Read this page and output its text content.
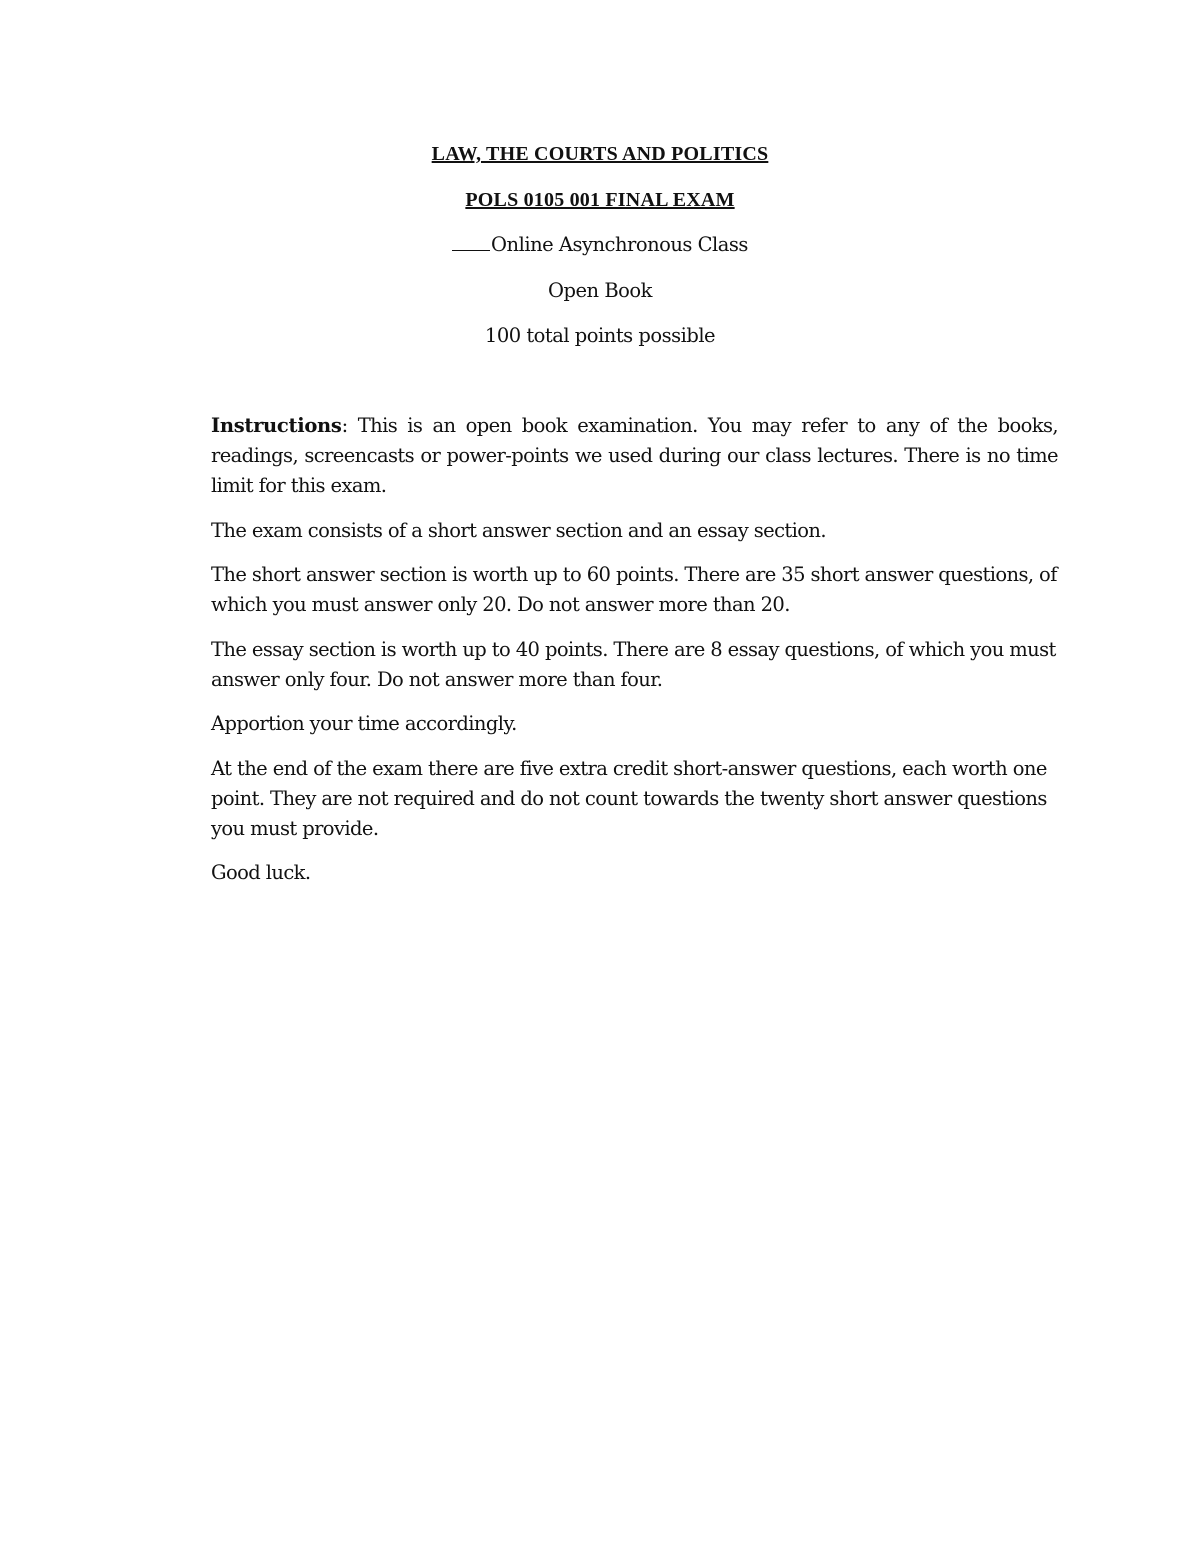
LAW, THE COURTS AND POLITICS
POLS 0105 001 FINAL EXAM
Online Asynchronous Class
Open Book
100 total points possible

Instructions: This is an open book examination. You may refer to any of the books, readings, screencasts or power-points we used during our class lectures. There is no time limit for this exam.

The exam consists of a short answer section and an essay section.

The short answer section is worth up to 60 points. There are 35 short answer questions, of which you must answer only 20. Do not answer more than 20.

The essay section is worth up to 40 points. There are 8 essay questions, of which you must answer only four. Do not answer more than four.

Apportion your time accordingly.

At the end of the exam there are five extra credit short-answer questions, each worth one point. They are not required and do not count towards the twenty short answer questions you must provide.

Good luck.
